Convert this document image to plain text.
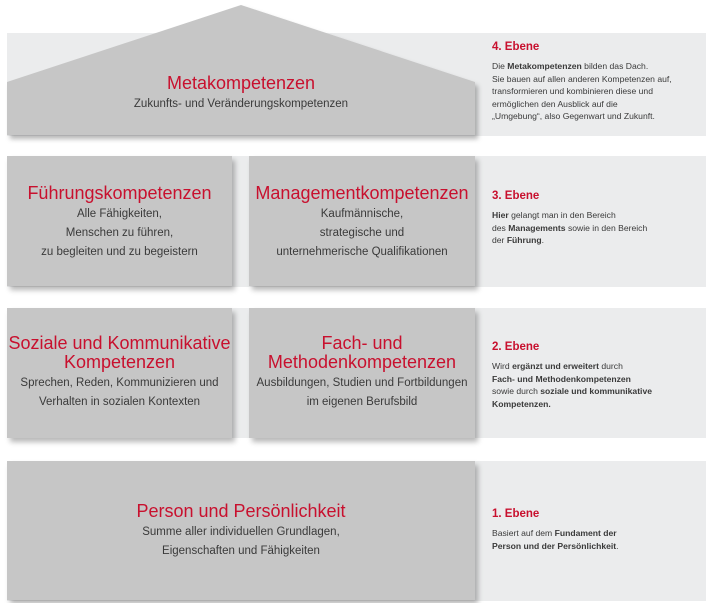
Metakompetenzen
Zukunfts- und Veränderungskompetenzen
Führungskompetenzen
Alle Fähigkeiten,
Menschen zu führen,
zu begleiten und zu begeistern
Managementkompetenzen
Kaufmännische,
strategische und
unternehmerische Qualifikationen
Soziale und Kommunikative
Kompetenzen
Sprechen, Reden, Kommunizieren und
Verhalten in sozialen Kontexten
Fach- und
Methodenkompetenzen
Ausbildungen, Studien und Fortbildungen
im eigenen Berufsbild
Person und Persönlichkeit
Summe aller individuellen Grundlagen,
Eigenschaften und Fähigkeiten
4. Ebene
Die Metakompetenzen bilden das Dach.
Sie bauen auf allen anderen Kompetenzen auf,
transformieren und kombinieren diese und
ermöglichen den Ausblick auf die
„Umgebung“, also Gegenwart und Zukunft.
3. Ebene
Hier gelangt man in den Bereich
des Managements sowie in den Bereich
der Führung.
2. Ebene
Wird ergänzt und erweitert durch
Fach- und Methodenkompetenzen
sowie durch soziale und kommunikative
Kompetenzen.
1. Ebene
Basiert auf dem Fundament der
Person und der Persönlichkeit.
